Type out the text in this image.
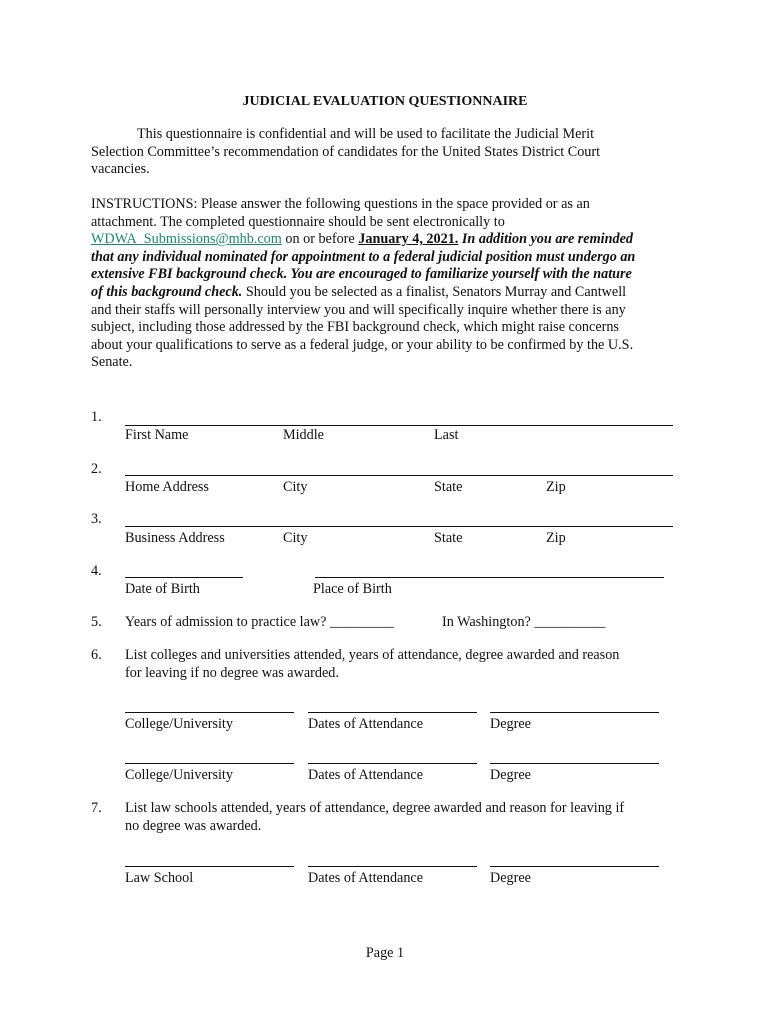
JUDICIAL EVALUATION QUESTIONNAIRE
This questionnaire is confidential and will be used to facilitate the Judicial Merit
Selection Committee’s recommendation of candidates for the United States District Court
vacancies.
INSTRUCTIONS: Please answer the following questions in the space provided or as an
attachment. The completed questionnaire should be sent electronically to
WDWA_Submissions@mhb.com on or before January 4, 2021. In addition you are reminded
that any individual nominated for appointment to a federal judicial position must undergo an
extensive FBI background check. You are encouraged to familiarize yourself with the nature
of this background check. Should you be selected as a finalist, Senators Murray and Cantwell
and their staffs will personally interview you and will specifically inquire whether there is any
subject, including those addressed by the FBI background check, which might raise concerns
about your qualifications to serve as a federal judge, or your ability to be confirmed by the U.S.
Senate.
1.
First Name	Middle	Last
2.
Home Address	City	State	Zip
3.
Business Address	City	State	Zip
4.
Date of Birth	Place of Birth
5. Years of admission to practice law? _________	In Washington? __________
6. List colleges and universities attended, years of attendance, degree awarded and reason
for leaving if no degree was awarded.
College/University	Dates of Attendance	Degree
College/University	Dates of Attendance	Degree
7. List law schools attended, years of attendance, degree awarded and reason for leaving if
no degree was awarded.
Law School	Dates of Attendance	Degree
Page 1
